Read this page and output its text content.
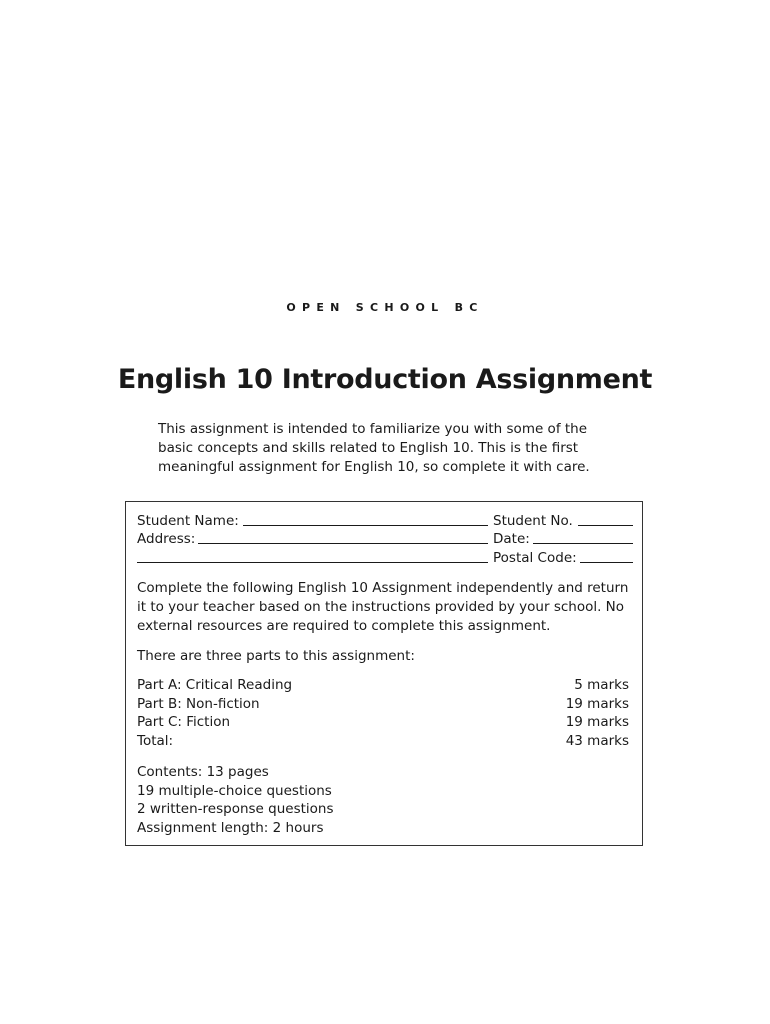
OPEN SCHOOL BC
English 10 Introduction Assignment

This assignment is intended to familiarize you with some of the
basic concepts and skills related to English 10. This is the first
meaningful assignment for English 10, so complete it with care.

Student Name:	Student No.
Address:	Date:
Postal Code:
Complete the following English 10 Assignment independently and return
it to your teacher based on the instructions provided by your school. No
external resources are required to complete this assignment.
There are three parts to this assignment:
Part A: Critical Reading	5 marks
Part B: Non-fiction	19 marks
Part C: Fiction	19 marks
Total:	43 marks
Contents: 13 pages
19 multiple-choice questions
2 written-response questions
Assignment length: 2 hours
